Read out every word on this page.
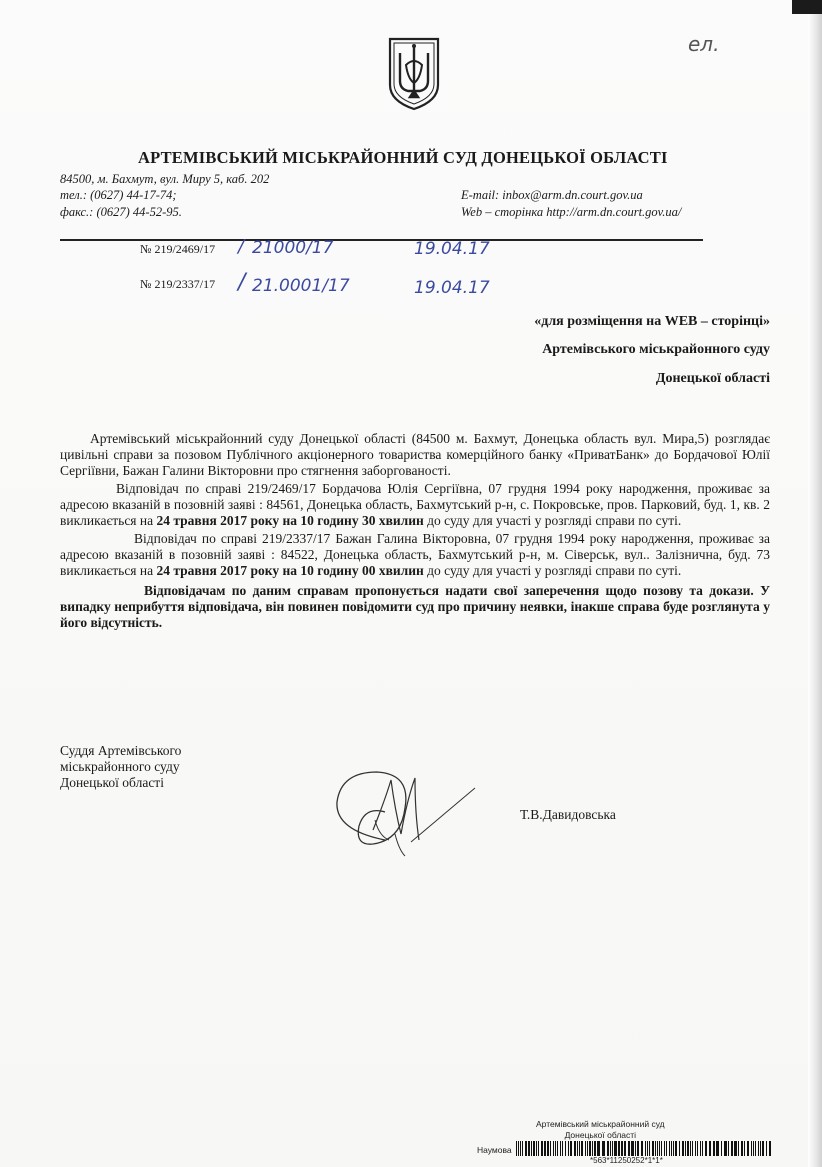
АРТЕМІВСЬКИЙ МІСЬКРАЙОННИЙ СУД ДОНЕЦЬКОЇ ОБЛАСТІ
84500, м. Бахмут, вул. Миру 5, каб. 202
тел.: (0627) 44-17-74;
факс.: (0627) 44-52-95.
E-mail: inbox@arm.dn.court.gov.ua
Web – сторінка http://arm.dn.court.gov.ua/
ел.
№ 219/2469/17 / 21000/17	19.04.17
№ 219/2337/17 / 21.0001/17	19.04.17
«для розміщення на WEB – сторінці»
Артемівського міськрайонного суду
Донецької області

Артемівський міськрайонний суду Донецької області (84500 м. Бахмут, Донецька область вул. Мира,5) розглядає цивільні справи за позовом Публічного акціонерного товариства комерційного банку «ПриватБанк» до Бордачової Юлії Сергіївни, Бажан Галини Вікторовни про стягнення заборгованості.

Відповідач по справі 219/2469/17 Бордачова Юлія Сергіївна, 07 грудня 1994 року народження, проживає за адресою вказаній в позовній заяві : 84561, Донецька область, Бахмутський р-н, с. Покровське, пров. Парковий, буд. 1, кв. 2 викликається на 24 травня 2017 року на 10 годину 30 хвилин до суду для участі у розгляді справи по суті.

Відповідач по справі 219/2337/17 Бажан Галина Вікторовна, 07 грудня 1994 року народження, проживає за адресою вказаній в позовній заяві : 84522, Донецька область, Бахмутський р-н, м. Сіверськ, вул.. Залізнична, буд. 73 викликається на 24 травня 2017 року на 10 годину 00 хвилин до суду для участі у розгляді справи по суті.

Відповідачам по даним справам пропонується надати свої заперечення щодо позову та докази. У випадку неприбуття відповідача, він повинен повідомити суд про причину неявки, інакше справа буде розглянута у його відсутність.

Суддя Артемівського
міськрайонного суду
Донецької області
Т.В.Давидовська
Артемівський міськрайонний суд
Донецької області
Наумова
*563*11250252*1*1*
